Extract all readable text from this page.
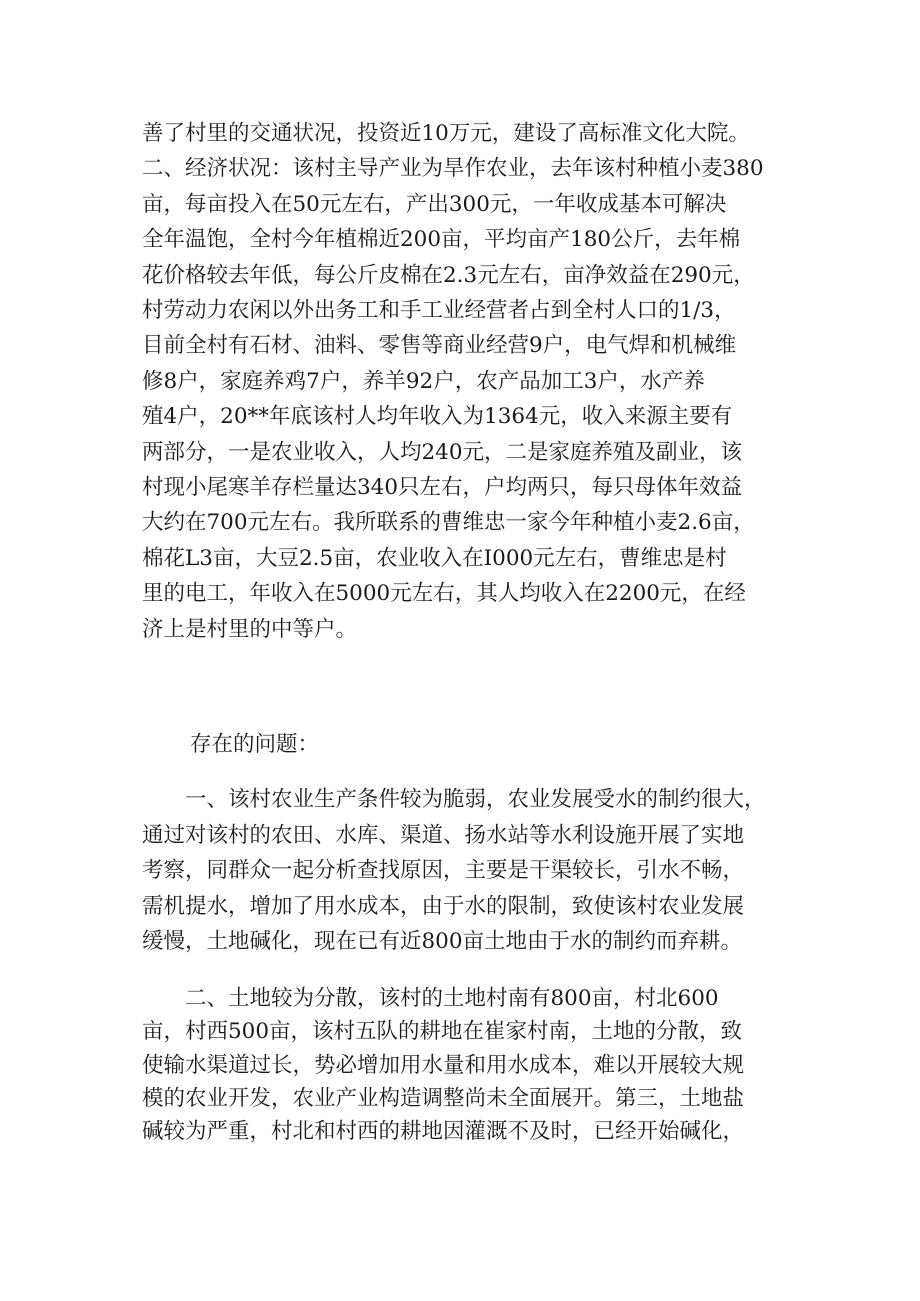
善了村里的交通状况，投资近10万元，建设了高标准文化大院。
二、经济状况：该村主导产业为旱作农业，去年该村种植小麦380
亩，每亩投入在50元左右，产出300元，一年收成基本可解决
全年温饱，全村今年植棉近200亩，平均亩产180公斤，去年棉
花价格较去年低，每公斤皮棉在2.3元左右，亩净效益在290元，
村劳动力农闲以外出务工和手工业经营者占到全村人口的1/3，
目前全村有石材、油料、零售等商业经营9户，电气焊和机械维
修8户，家庭养鸡7户，养羊92户，农产品加工3户，水产养
殖4户，20**年底该村人均年收入为1364元，收入来源主要有
两部分，一是农业收入，人均240元，二是家庭养殖及副业，该
村现小尾寒羊存栏量达340只左右，户均两只，每只母体年效益
大约在700元左右。我所联系的曹维忠一家今年种植小麦2.6亩，
棉花L3亩，大豆2.5亩，农业收入在I000元左右，曹维忠是村
里的电工，年收入在5000元左右，其人均收入在2200元，在经
济上是村里的中等户。
存在的问题：
　　一、该村农业生产条件较为脆弱，农业发展受水的制约很大，
通过对该村的农田、水库、渠道、扬水站等水利设施开展了实地
考察，同群众一起分析查找原因，主要是干渠较长，引水不畅，
需机提水，增加了用水成本，由于水的限制，致使该村农业发展
缓慢，土地碱化，现在已有近800亩土地由于水的制约而弃耕。
　　二、土地较为分散，该村的土地村南有800亩，村北600
亩，村西500亩，该村五队的耕地在崔家村南，土地的分散，致
使输水渠道过长，势必增加用水量和用水成本，难以开展较大规
模的农业开发，农业产业构造调整尚未全面展开。第三，土地盐
碱较为严重，村北和村西的耕地因灌溉不及时，已经开始碱化，
